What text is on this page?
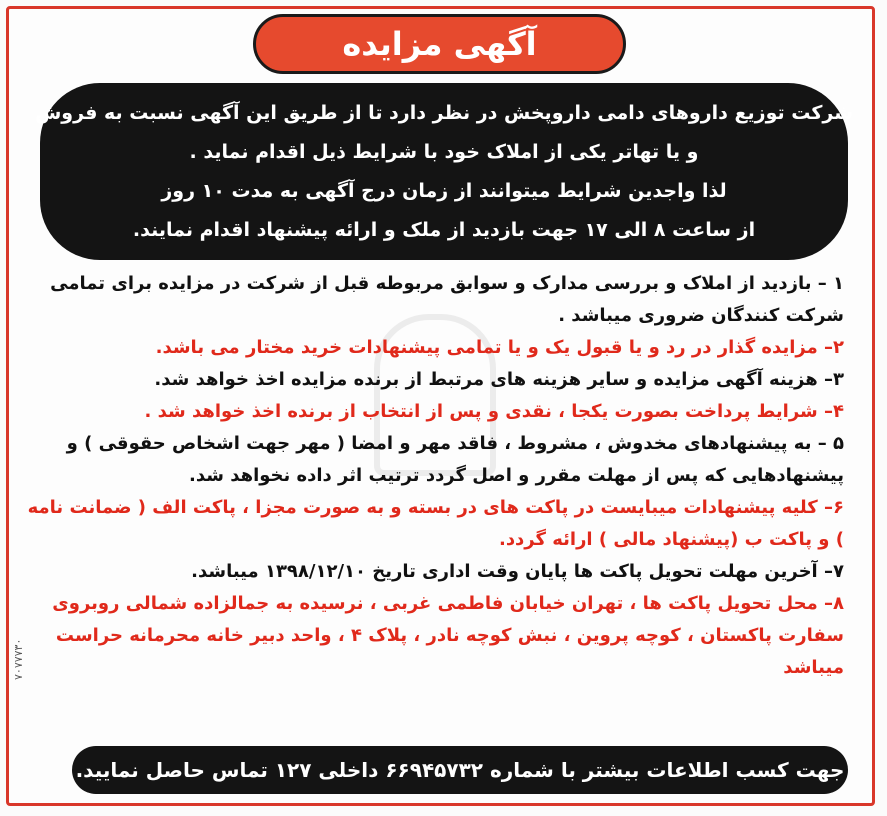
آگهی مزایده

شرکت توزیع داروهای دامی داروپخش در نظر دارد تا از طریق این آگهی نسبت به فروش

و یا تهاتر یکی از املاک خود با شرایط ذیل اقدام نماید .

لذا واجدین شرایط میتوانند از زمان درج آگهی به مدت ۱۰ روز

از ساعت ۸ الی ۱۷ جهت بازدید از ملک و ارائه پیشنهاد اقدام نمایند.

۱ – بازدید از املاک و بررسی مدارک و سوابق مربوطه قبل از شرکت در مزایده برای تمامی شرکت کنندگان ضروری میباشد .

۲– مزایده گذار در رد و یا قبول یک و یا تمامی پیشنهادات خرید مختار می باشد.

۳– هزینه آگهی مزایده و سایر هزینه های مرتبط از برنده مزایده اخذ خواهد شد.

۴– شرایط پرداخت بصورت یکجا ، نقدی و پس از انتخاب از برنده اخذ خواهد شد .

۵ – به پیشنهادهای مخدوش ، مشروط ، فاقد مهر و امضا ( مهر جهت اشخاص حقوقی ) و پیشنهادهایی که پس از مهلت مقرر و اصل گردد ترتیب اثر داده نخواهد شد.

۶– کلیه پیشنهادات میبایست در پاکت های در بسته و به صورت مجزا ، پاکت الف ( ضمانت نامه ) و پاکت ب (پیشنهاد مالی ) ارائه گردد.

۷– آخرین مهلت تحویل پاکت ها پایان وقت اداری تاریخ ۱۳۹۸/۱۲/۱۰ میباشد.

۸– محل تحویل پاکت ها ، تهران خیابان فاطمی غربی ، نرسیده به جمالزاده شمالی روبروی سفارت پاکستان ، کوچه پروین ، نبش کوچه نادر ، پلاک ۴ ، واحد دبیر خانه محرمانه حراست میباشد

۷۰۷۷۷۳۰
جهت کسب اطلاعات بیشتر با شماره ۶۶۹۴۵۷۳۲ داخلی ۱۲۷ تماس حاصل نمایید.
